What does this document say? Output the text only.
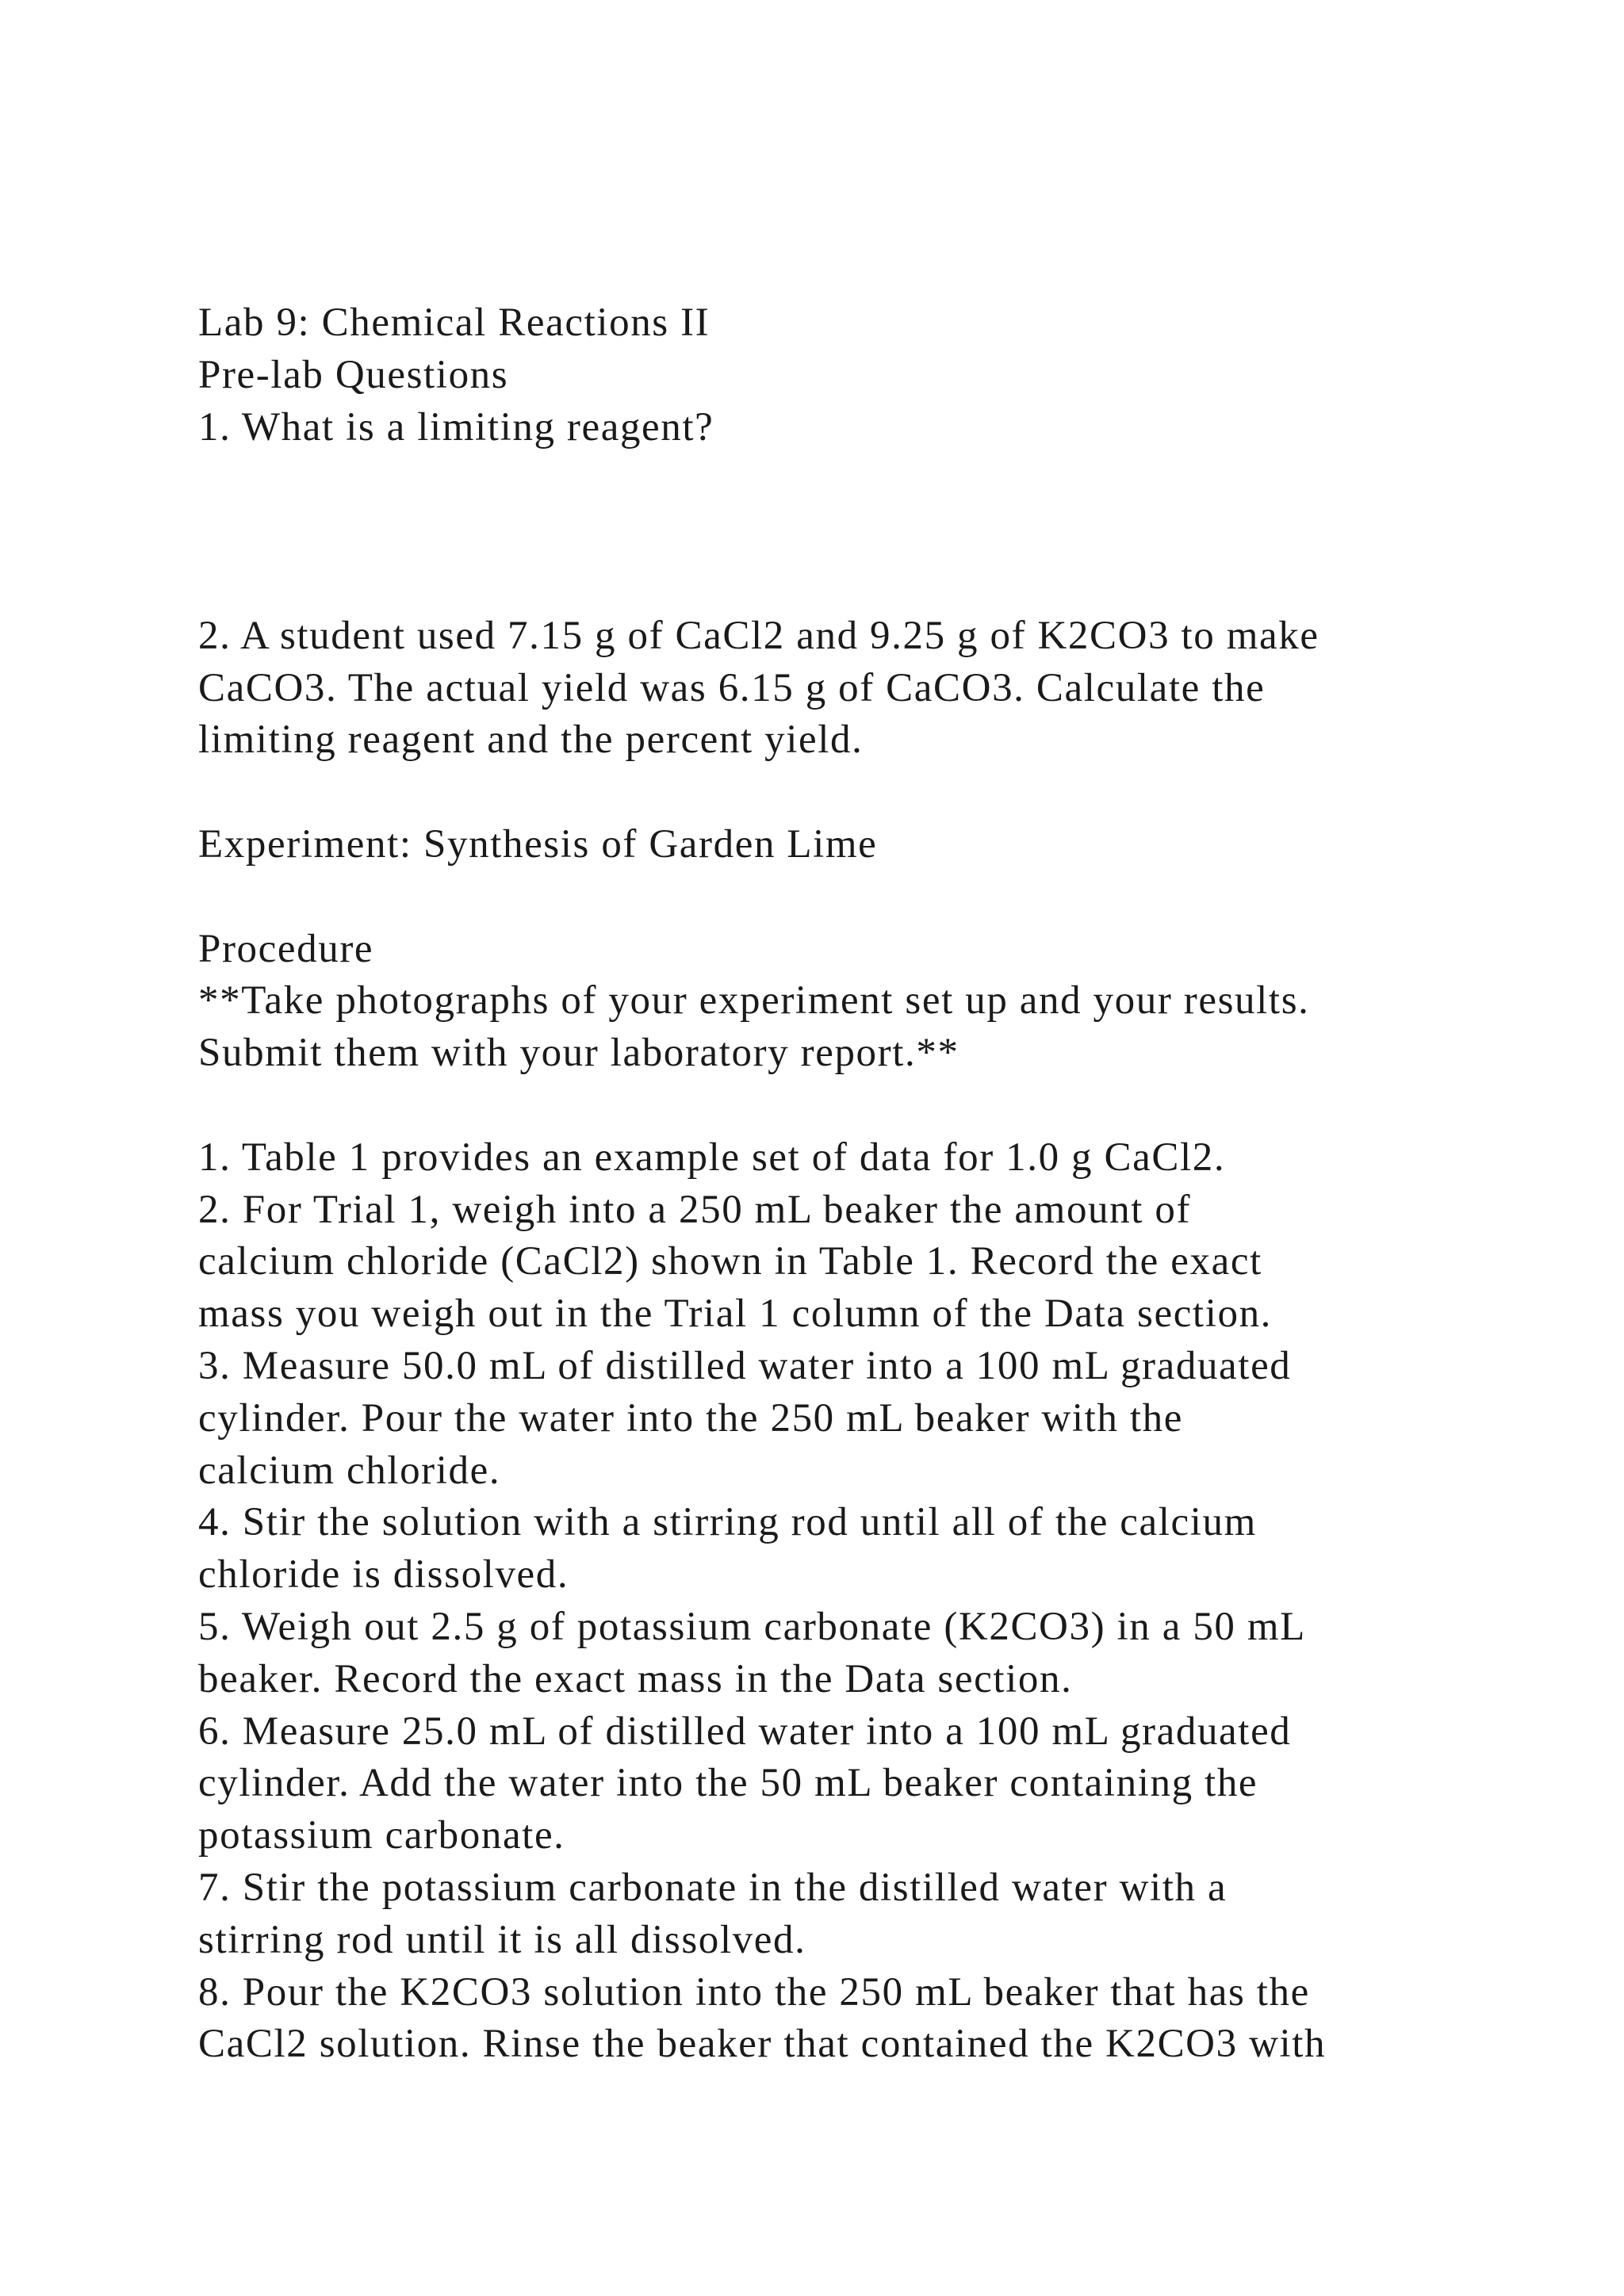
Lab 9: Chemical Reactions II
Pre-lab Questions
1. What is a limiting reagent?
2. A student used 7.15 g of CaCl2 and 9.25 g of K2CO3 to make
CaCO3. The actual yield was 6.15 g of CaCO3. Calculate the
limiting reagent and the percent yield.
Experiment: Synthesis of Garden Lime
Procedure
**Take photographs of your experiment set up and your results.
Submit them with your laboratory report.**
1. Table 1 provides an example set of data for 1.0 g CaCl2.
2. For Trial 1, weigh into a 250 mL beaker the amount of
calcium chloride (CaCl2) shown in Table 1. Record the exact
mass you weigh out in the Trial 1 column of the Data section.
3. Measure 50.0 mL of distilled water into a 100 mL graduated
cylinder. Pour the water into the 250 mL beaker with the
calcium chloride.
4. Stir the solution with a stirring rod until all of the calcium
chloride is dissolved.
5. Weigh out 2.5 g of potassium carbonate (K2CO3) in a 50 mL
beaker. Record the exact mass in the Data section.
6. Measure 25.0 mL of distilled water into a 100 mL graduated
cylinder. Add the water into the 50 mL beaker containing the
potassium carbonate.
7. Stir the potassium carbonate in the distilled water with a
stirring rod until it is all dissolved.
8. Pour the K2CO3 solution into the 250 mL beaker that has the
CaCl2 solution. Rinse the beaker that contained the K2CO3 with
